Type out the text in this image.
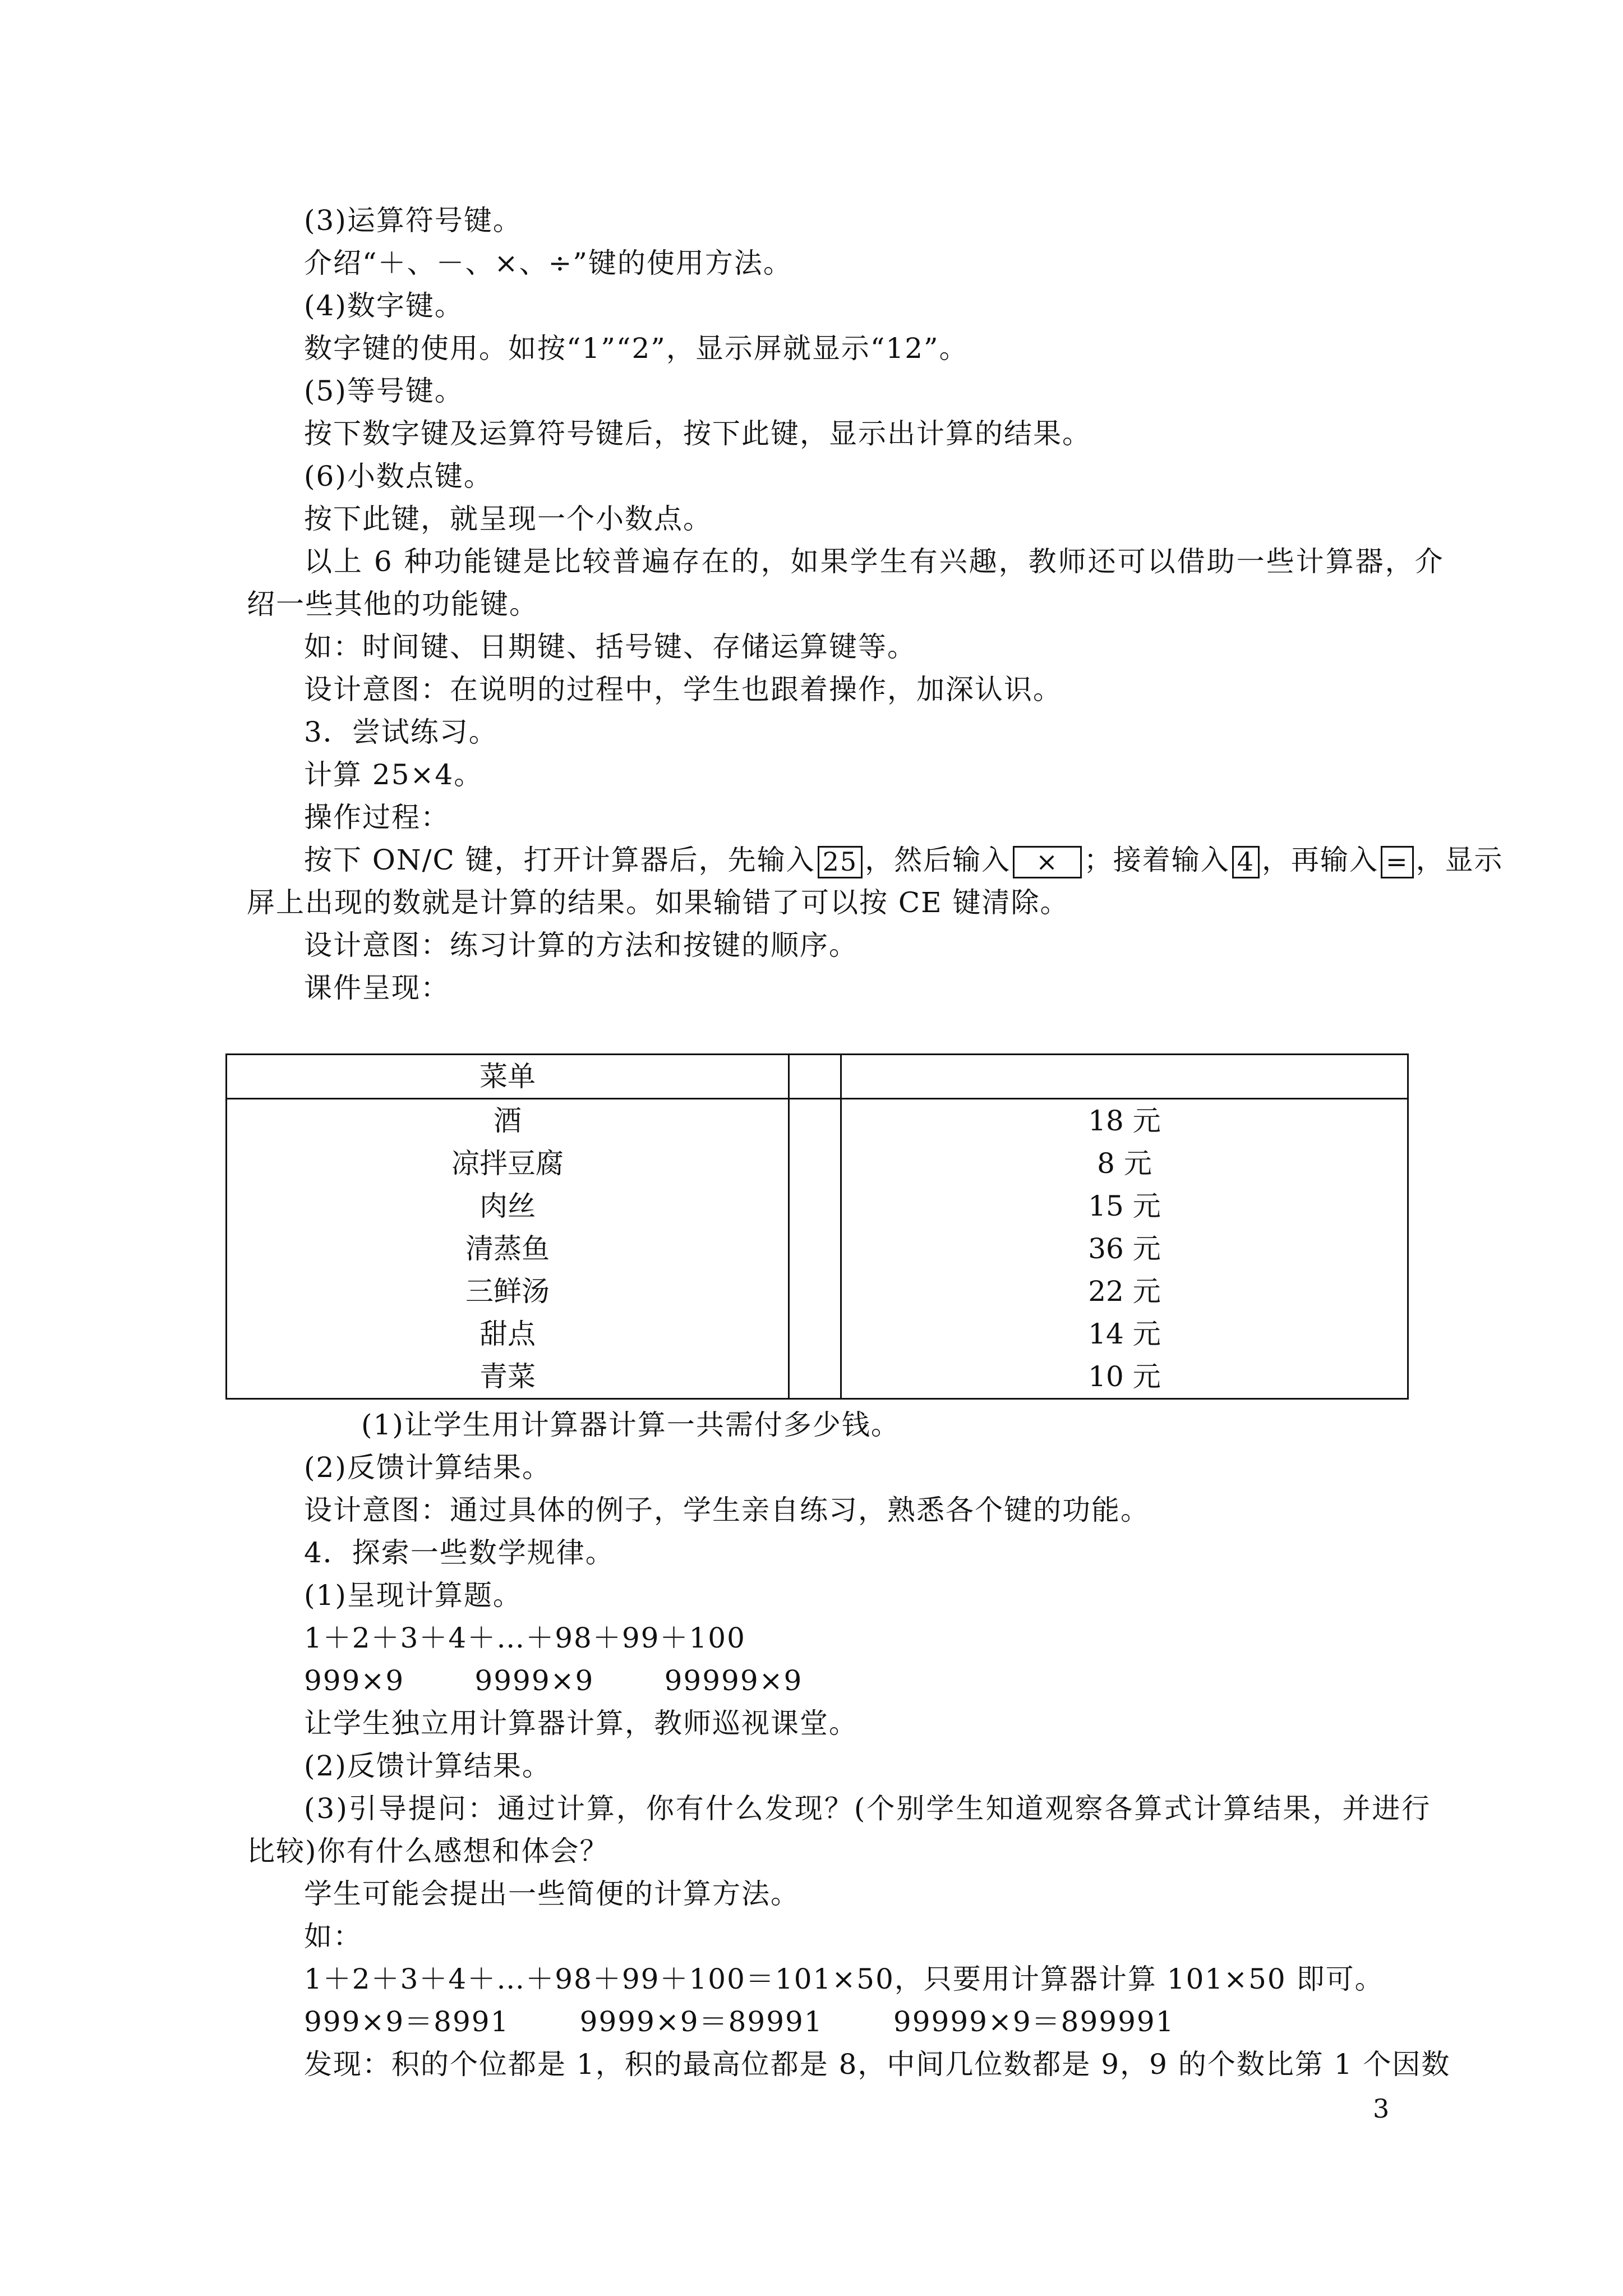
(3)运算符号键。
介绍“＋、－、×、÷”键的使用方法。
(4)数字键。
数字键的使用。如按“1”“2”，显示屏就显示“12”。
(5)等号键。
按下数字键及运算符号键后，按下此键，显示出计算的结果。
(6)小数点键。
按下此键，就呈现一个小数点。
以上 6 种功能键是比较普遍存在的，如果学生有兴趣，教师还可以借助一些计算器，介
绍一些其他的功能键。
如：时间键、日期键、括号键、存储运算键等。
设计意图：在说明的过程中，学生也跟着操作，加深认识。
3．尝试练习。
计算 25×4。
操作过程：
按下 ON/C 键，打开计算器后，先输入 25 ，然后输入 × ；接着输入 4 ，再输入 = ，显示
屏上出现的数就是计算的结果。如果输错了可以按 CE 键清除。
设计意图：练习计算的方法和按键的顺序。
课件呈现：
菜单		
酒		18 元
凉拌豆腐		8 元
肉丝		15 元
清蒸鱼		36 元
三鲜汤		22 元
甜点		14 元
青菜		10 元
(1)让学生用计算器计算一共需付多少钱。
(2)反馈计算结果。
设计意图：通过具体的例子，学生亲自练习，熟悉各个键的功能。
4．探索一些数学规律。
(1)呈现计算题。
1＋2＋3＋4＋…＋98＋99＋100
999×9       9999×9       99999×9
让学生独立用计算器计算，教师巡视课堂。
(2)反馈计算结果。
(3)引导提问：通过计算，你有什么发现？(个别学生知道观察各算式计算结果，并进行
比较)你有什么感想和体会？
学生可能会提出一些简便的计算方法。
如：
1＋2＋3＋4＋…＋98＋99＋100＝101×50，只要用计算器计算 101×50 即可。
999×9＝8991       9999×9＝89991       99999×9＝899991
发现：积的个位都是 1，积的最高位都是 8，中间几位数都是 9，9 的个数比第 1 个因数
3
